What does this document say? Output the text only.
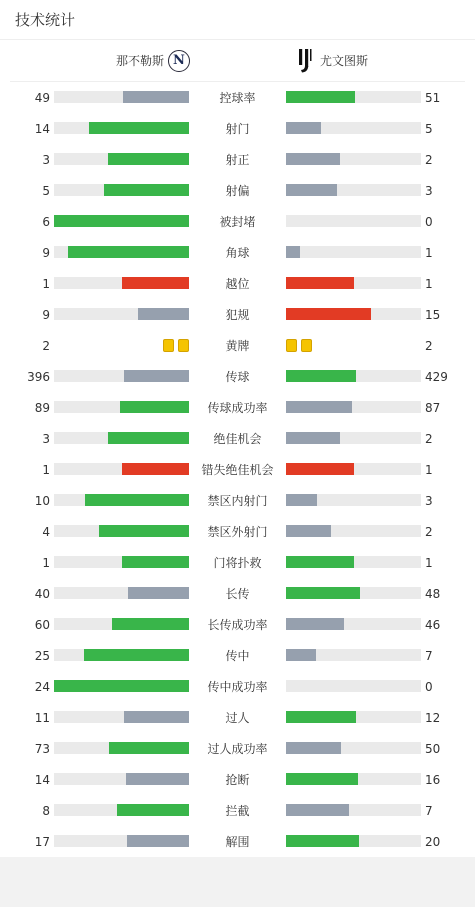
技术统计
那不勒斯 N	尤文图斯
49	控球率	51
14	射门	5
3	射正	2
5	射偏	3
6	被封堵	0
9	角球	1
1	越位	1
9	犯规	15
2	黄牌	2
396	传球	429
89	传球成功率	87
3	绝佳机会	2
1	错失绝佳机会	1
10	禁区内射门	3
4	禁区外射门	2
1	门将扑救	1
40	长传	48
60	长传成功率	46
25	传中	7
24	传中成功率	0
11	过人	12
73	过人成功率	50
14	抢断	16
8	拦截	7
17	解围	20
